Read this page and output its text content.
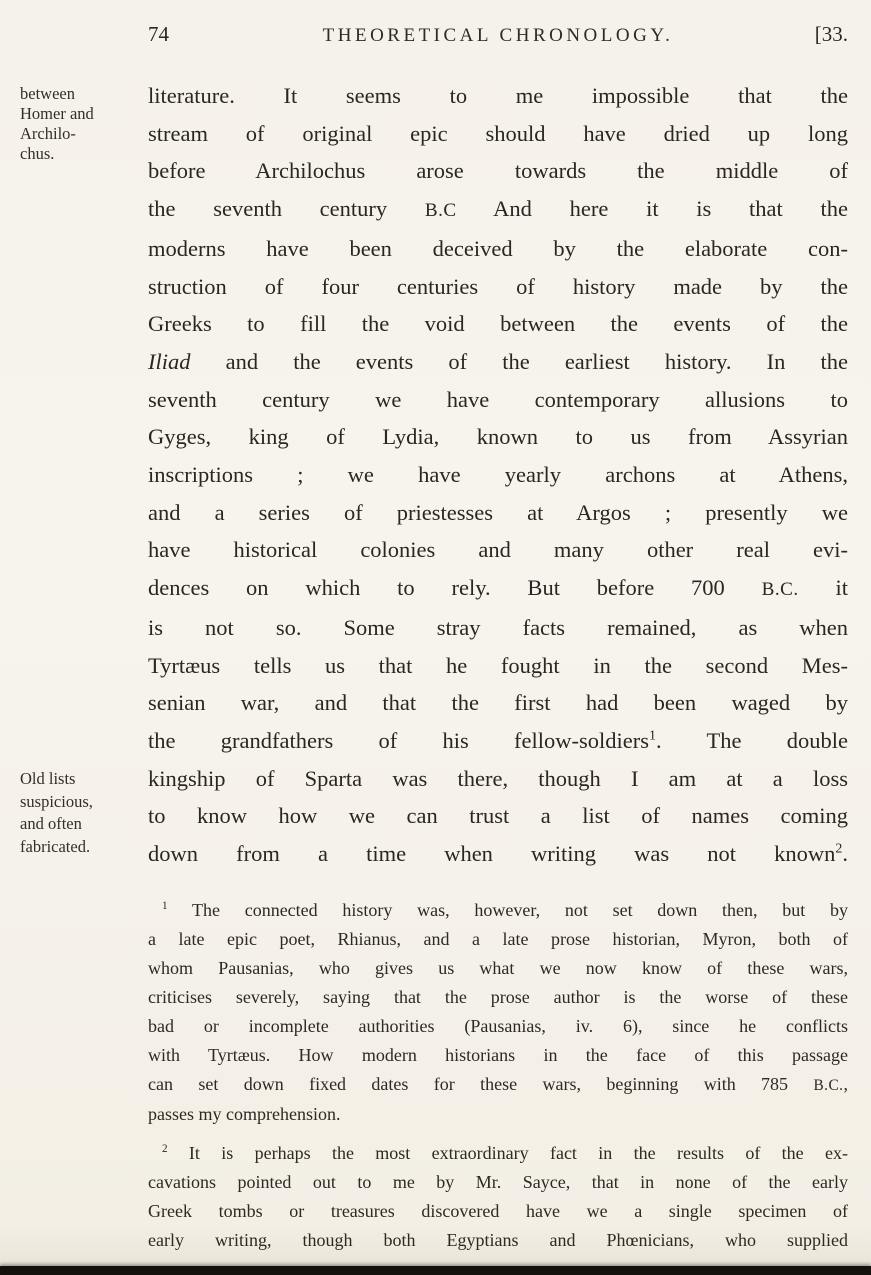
74	THEORETICAL CHRONOLOGY.	[33.
between
Homer and
Archilo-
chus.
Old lists
suspicious,
and often
fabricated.
literature. It seems to me impossible that the
stream of original epic should have dried up long
before Archilochus arose towards the middle of
the seventh century B.C And here it is that the
moderns have been deceived by the elaborate con-
struction of four centuries of history made by the
Greeks to fill the void between the events of the
Iliad and the events of the earliest history. In the
seventh century we have contemporary allusions to
Gyges, king of Lydia, known to us from Assyrian
inscriptions ; we have yearly archons at Athens,
and a series of priestesses at Argos ; presently we
have historical colonies and many other real evi-
dences on which to rely. But before 700 B.C. it
is not so. Some stray facts remained, as when
Tyrtæus tells us that he fought in the second Mes-
senian war, and that the first had been waged by
the grandfathers of his fellow-soldiers$^1$. The double
kingship of Sparta was there, though I am at a loss
to know how we can trust a list of names coming
down from a time when writing was not known$^2$.
$^1$ The connected history was, however, not set down then, but by
a late epic poet, Rhianus, and a late prose historian, Myron, both of
whom Pausanias, who gives us what we now know of these wars,
criticises severely, saying that the prose author is the worse of these
bad or incomplete authorities (Pausanias, iv. 6), since he conflicts
with Tyrtæus. How modern historians in the face of this passage
can set down fixed dates for these wars, beginning with 785 B.C.,
passes my comprehension.
$^2$ It is perhaps the most extraordinary fact in the results of the ex-
cavations pointed out to me by Mr. Sayce, that in none of the early
Greek tombs or treasures discovered have we a single specimen of
early writing, though both Egyptians and Phœnicians, who supplied
